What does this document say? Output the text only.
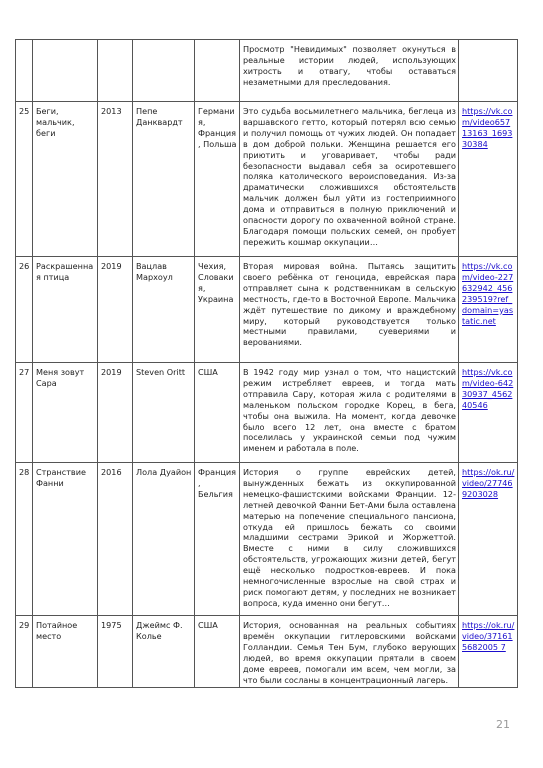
					Просмотр "Невидимых" позволяет окунуться в реальные истории людей, использующих хитрость и отвагу, чтобы оставаться незаметными для преследования.	
25	Беги, мальчик, беги	2013	Пепе Данквардт	Германия, Франция, Польша	Это судьба восьмилетнего мальчика, беглеца из варшавского гетто, который потерял всю семью и получил помощь от чужих людей. Он попадает в дом доброй польки. Женщина решается его приютить и уговаривает, чтобы ради безопасности выдавал себя за осиротевшего поляка католического вероисповедания. Из-за драматически сложившихся обстоятельств мальчик должен был уйти из гостеприимного дома и отправиться в полную приключений и опасности дорогу по охваченной войной стране. Благодаря помощи польских семей, он пробует пережить кошмар оккупации…	https://vk.com/video65713163_169330384
26	Раскрашенная птица	2019	Вацлав Мархоул	Чехия, Словакия, Украина	Вторая мировая война. Пытаясь защитить своего ребёнка от геноцида, еврейская пара отправляет сына к родственникам в сельскую местность, где-то в Восточной Европе. Мальчика ждёт путешествие по дикому и враждебному миру, который руководствуется только местными правилами, суевериями и верованиями.	https://vk.com/video-227632942_456239519?ref_domain=yastatic.net
27	Меня зовут Сара	2019	Steven Oritt	США	В 1942 году мир узнал о том, что нацистский режим истребляет евреев, и тогда мать отправила Сару, которая жила с родителями в маленьком польском городке Корец, в бега, чтобы она выжила. На момент, когда девочке было всего 12 лет, она вместе с братом поселилась у украинской семьи под чужим именем и работала в поле.	https://vk.com/video-64230937_456240546
28	Странствие Фанни	2016	Лола Дуайон	Франция, Бельгия	История о группе еврейских детей, вынужденных бежать из оккупированной немецко-фашистскими войсками Франции. 12-летней девочкой Фанни Бет-Ами была оставлена матерью на попечение специального пансиона, откуда ей пришлось бежать со своими младшими сестрами Эрикой и Жоржеттой. Вместе с ними в силу сложившихся обстоятельств, угрожающих жизни детей, бегут ещё несколько подростков-евреев. И пока немногочисленные взрослые на свой страх и риск помогают детям, у последних не возникает вопроса, куда именно они бегут…	https://ok.ru/video/277469203028
29	Потайное место	1975	Джеймс Ф. Колье	США	История, основанная на реальных событиях времён оккупации гитлеровскими войсками Голландии. Семья Тен Бум, глубоко верующих людей, во время оккупации прятали в своем доме евреев, помогали им всем, чем могли, за что были сосланы в концентрационный лагерь.	https://ok.ru/video/371615682005 7
21
